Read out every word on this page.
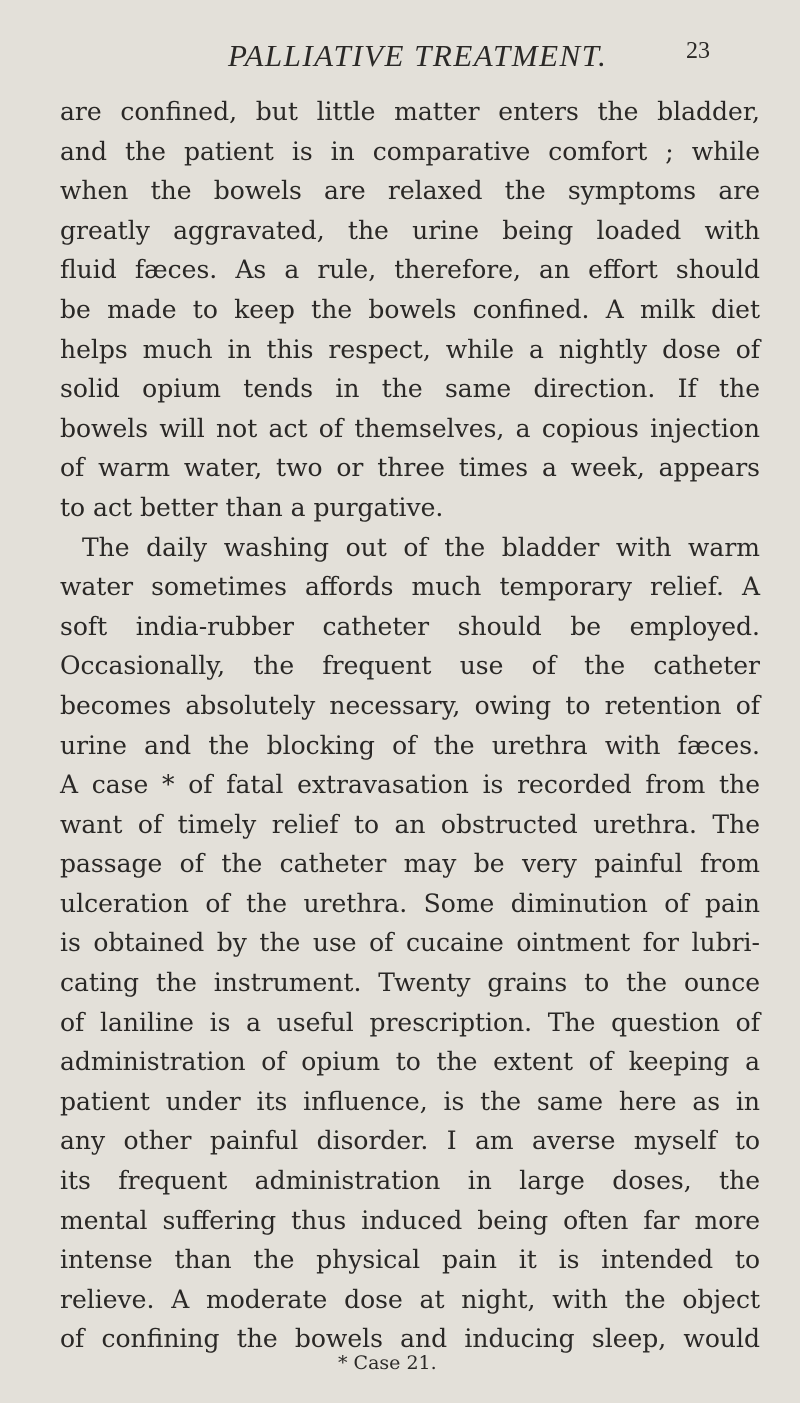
PALLIATIVE TREATMENT.	23
are confined, but little matter enters the bladder,
and the patient is in comparative comfort ; while
when the bowels are relaxed the symptoms are
greatly aggravated, the urine being loaded with
fluid fæces. As a rule, therefore, an effort should
be made to keep the bowels confined. A milk diet
helps much in this respect, while a nightly dose of
solid opium tends in the same direction. If the
bowels will not act of themselves, a copious injection
of warm water, two or three times a week, appears
to act better than a purgative.
The daily washing out of the bladder with warm
water sometimes affords much temporary relief. A
soft india-rubber catheter should be employed.
Occasionally, the frequent use of the catheter
becomes absolutely necessary, owing to retention of
urine and the blocking of the urethra with fæces.
A case * of fatal extravasation is recorded from the
want of timely relief to an obstructed urethra. The
passage of the catheter may be very painful from
ulceration of the urethra. Some diminution of pain
is obtained by the use of cucaine ointment for lubri-
cating the instrument. Twenty grains to the ounce
of laniline is a useful prescription. The question of
administration of opium to the extent of keeping a
patient under its influence, is the same here as in
any other painful disorder. I am averse myself to
its frequent administration in large doses, the
mental suffering thus induced being often far more
intense than the physical pain it is intended to
relieve. A moderate dose at night, with the object
of confining the bowels and inducing sleep, would
* Case 21.
